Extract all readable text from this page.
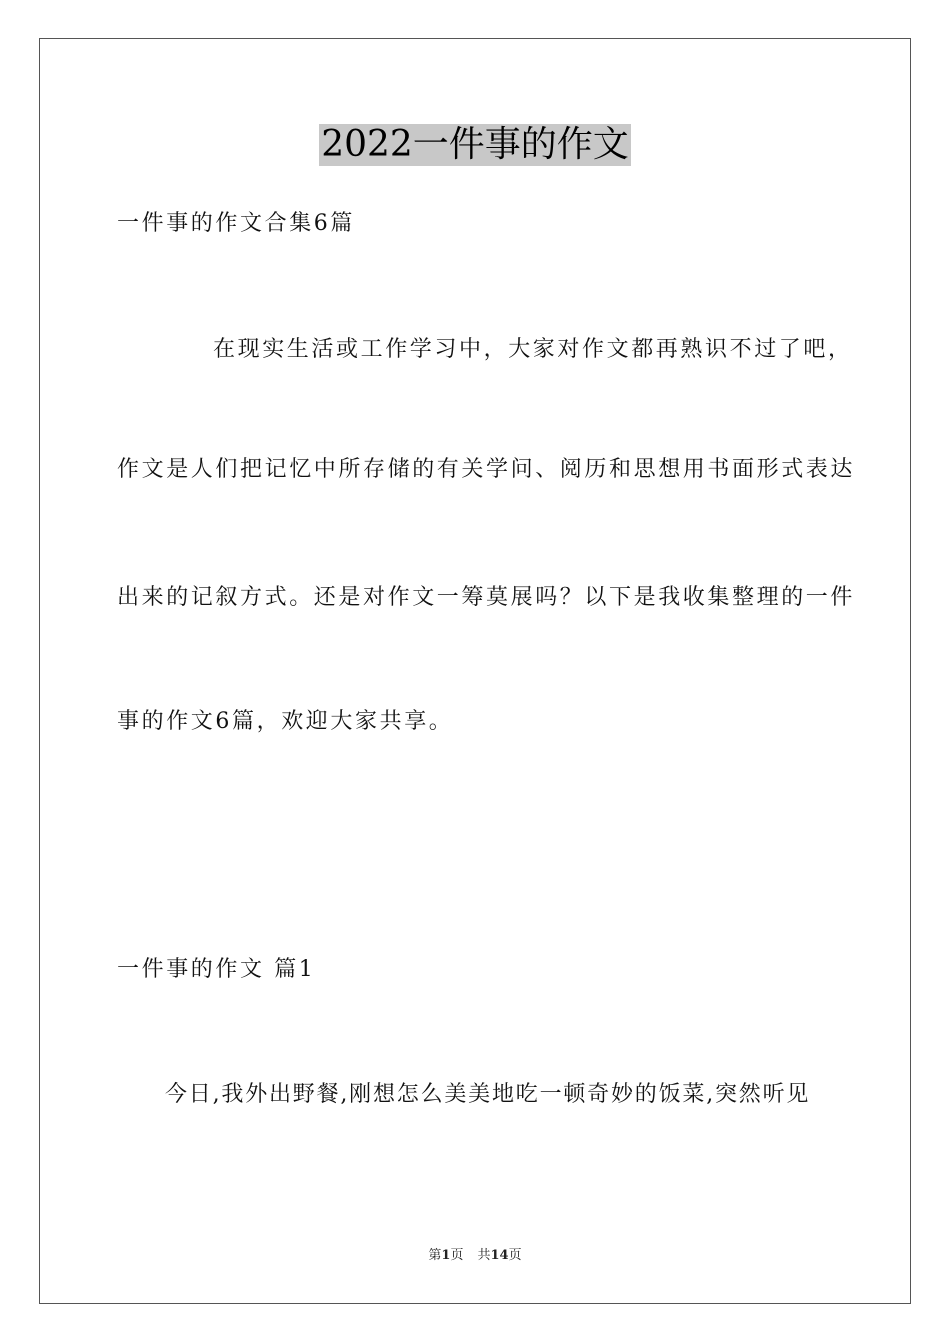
2022一件事的作文
一件事的作文合集6篇
在现实生活或工作学习中，大家对作文都再熟识不过了吧，
作文是人们把记忆中所存储的有关学问、阅历和思想用书面形式表达
出来的记叙方式。还是对作文一筹莫展吗？以下是我收集整理的一件
事的作文6篇，欢迎大家共享。
一件事的作文 篇1
今日,我外出野餐,刚想怎么美美地吃一顿奇妙的饭菜,突然听见
第1页 共14页
